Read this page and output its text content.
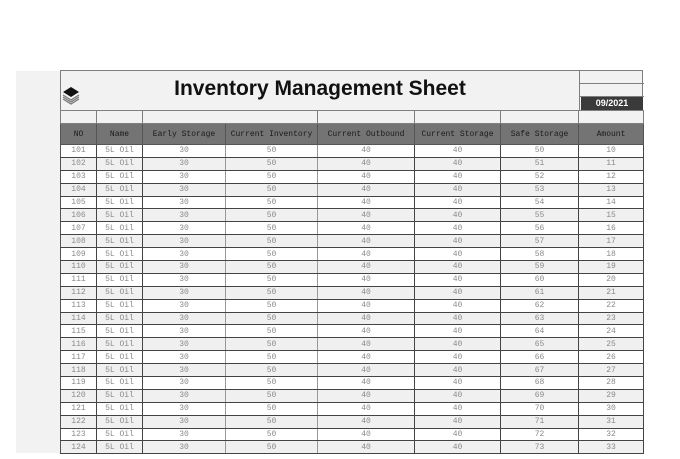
Inventory Management Sheet
09/2021

NO	Name	Early Storage	Current Inventory	Current Outbound	Current Storage	Safe Storage	Amount
101	5L Oil	30	50	40	40	50	10
102	5L Oil	30	50	40	40	51	11
103	5L Oil	30	50	40	40	52	12
104	5L Oil	30	50	40	40	53	13
105	5L Oil	30	50	40	40	54	14
106	5L Oil	30	50	40	40	55	15
107	5L Oil	30	50	40	40	56	16
108	5L Oil	30	50	40	40	57	17
109	5L Oil	30	50	40	40	58	18
110	5L Oil	30	50	40	40	59	19
111	5L Oil	30	50	40	40	60	20
112	5L Oil	30	50	40	40	61	21
113	5L Oil	30	50	40	40	62	22
114	5L Oil	30	50	40	40	63	23
115	5L Oil	30	50	40	40	64	24
116	5L Oil	30	50	40	40	65	25
117	5L Oil	30	50	40	40	66	26
118	5L Oil	30	50	40	40	67	27
119	5L Oil	30	50	40	40	68	28
120	5L Oil	30	50	40	40	69	29
121	5L Oil	30	50	40	40	70	30
122	5L Oil	30	50	40	40	71	31
123	5L Oil	30	50	40	40	72	32
124	5L Oil	30	50	40	40	73	33
